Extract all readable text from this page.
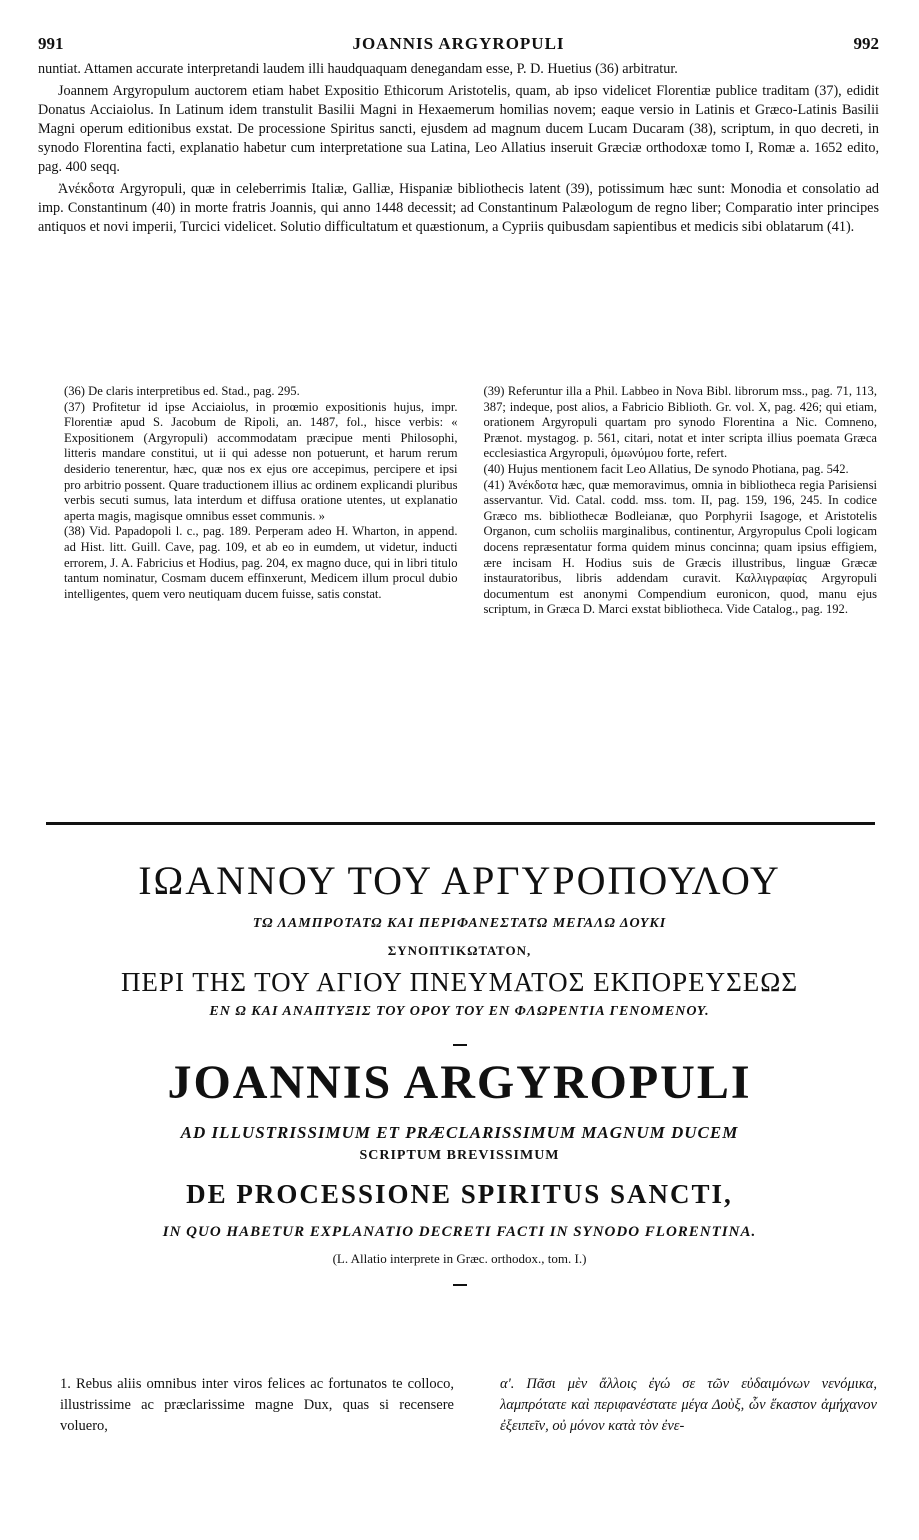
991	JOANNIS ARGYROPULI	992

nuntiat. Attamen accurate interpretandi laudem illi haudquaquam denegandam esse, P. D. Huetius (36) arbitratur.

Joannem Argyropulum auctorem etiam habet Expositio Ethicorum Aristotelis, quam, ab ipso videlicet Florentiæ publice traditam (37), edidit Donatus Acciaiolus. In Latinum idem transtulit Basilii Magni in Hexaemerum homilias novem; eaque versio in Latinis et Græco-Latinis Basilii Magni operum editionibus exstat. De processione Spiritus sancti, ejusdem ad magnum ducem Lucam Ducaram (38), scriptum, in quo decreti, in synodo Florentina facti, explanatio habetur cum interpretatione sua Latina, Leo Allatius inseruit Græciæ orthodoxæ tomo I, Romæ a. 1652 edito, pag. 400 seqq.

Ἀνέκδοτα Argyropuli, quæ in celeberrimis Italiæ, Galliæ, Hispaniæ bibliothecis latent (39), potissimum hæc sunt: Monodia et consolatio ad imp. Constantinum (40) in morte fratris Joannis, qui anno 1448 decessit; ad Constantinum Palæologum de regno liber; Comparatio inter principes antiquos et novi imperii, Turcici videlicet. Solutio difficultatum et quæstionum, a Cypriis quibusdam sapientibus et medicis sibi oblatarum (41).

(36) De claris interpretibus ed. Stad., pag. 295.

(37) Profitetur id ipse Acciaiolus, in proœmio expositionis hujus, impr. Florentiæ apud S. Jacobum de Ripoli, an. 1487, fol., hisce verbis: « Expositionem (Argyropuli) accommodatam præcipue menti Philosophi, litteris mandare constitui, ut ii qui adesse non potuerunt, et harum rerum desiderio tenerentur, hæc, quæ nos ex ejus ore accepimus, percipere et ipsi pro arbitrio possent. Quare traductionem illius ac ordinem explicandi pluribus verbis secuti sumus, lata interdum et diffusa oratione utentes, ut explanatio aperta magis, magisque omnibus esset communis. »

(38) Vid. Papadopoli l. c., pag. 189. Perperam adeo H. Wharton, in append. ad Hist. litt. Guill. Cave, pag. 109, et ab eo in eumdem, ut videtur, inducti errorem, J. A. Fabricius et Hodius, pag. 204, ex magno duce, qui in libri titulo tantum nominatur, Cosmam ducem effinxerunt, Medicem illum procul dubio intelligentes, quem vero neutiquam ducem fuisse, satis constat.

(39) Referuntur illa a Phil. Labbeo in Nova Bibl. librorum mss., pag. 71, 113, 387; indeque, post alios, a Fabricio Biblioth. Gr. vol. X, pag. 426; qui etiam, orationem Argyropuli quartam pro synodo Florentina a Nic. Comneno, Prænot. mystagog. p. 561, citari, notat et inter scripta illius poemata Græca ecclesiastica Argyropuli, ὁμωνύμου forte, refert.

(40) Hujus mentionem facit Leo Allatius, De synodo Photiana, pag. 542.

(41) Ἀνέκδοτα hæc, quæ memoravimus, omnia in bibliotheca regia Parisiensi asservantur. Vid. Catal. codd. mss. tom. II, pag. 159, 196, 245. In codice Græco ms. bibliothecæ Bodleianæ, quo Porphyrii Isagoge, et Aristotelis Organon, cum scholiis marginalibus, continentur, Argyropulus Cpoli logicam docens repræsentatur forma quidem minus concinna; quam ipsius effigiem, ære incisam H. Hodius suis de Græcis illustribus, linguæ Græcæ instauratoribus, libris addendam curavit. Καλλιγραφίας Argyropuli documentum est anonymi Compendium euronicon, quod, manu ejus scriptum, in Græca D. Marci exstat bibliotheca. Vide Catalog., pag. 192.

ΙΩΑΝΝΟΥ ΤΟΥ ΑΡΓΥΡΟΠΟΥΛΟΥ

ΤΩ ΛΑΜΠΡΟΤΑΤΩ ΚΑΙ ΠΕΡΙΦΑΝΕΣΤΑΤΩ ΜΕΓΑΛΩ ΔΟΥΚΙ

ΣΥΝΟΠΤΙΚΩΤΑΤΟΝ,

ΠΕΡΙ ΤΗΣ ΤΟΥ ΑΓΙΟΥ ΠΝΕΥΜΑΤΟΣ ΕΚΠΟΡΕΥΣΕΩΣ

ΕΝ Ω ΚΑΙ ΑΝΑΠΤΥΞΙΣ ΤΟΥ ΟΡΟΥ ΤΟΥ ΕΝ ΦΛΩΡΕΝΤΙΑ ΓΕΝΟΜΕΝΟΥ.

JOANNIS ARGYROPULI

AD ILLUSTRISSIMUM ET PRÆCLARISSIMUM MAGNUM DUCEM

SCRIPTUM BREVISSIMUM

DE PROCESSIONE SPIRITUS SANCTI,

IN QUO HABETUR EXPLANATIO DECRETI FACTI IN SYNODO FLORENTINA.

(L. Allatio interprete in Græc. orthodox., tom. I.)

1. Rebus aliis omnibus inter viros felices ac fortunatos te colloco, illustrissime ac præclarissime magne Dux, quas si recensere voluero,

α'. Πᾶσι μὲν ἄλλοις ἐγώ σε τῶν εὐδαιμόνων νενόμικα, λαμπρότατε καὶ περιφανέστατε μέγα Δοὺξ, ὧν ἕκαστον ἀμήχανον ἐξειπεῖν, οὐ μόνον κατὰ τὸν ἐνε-
